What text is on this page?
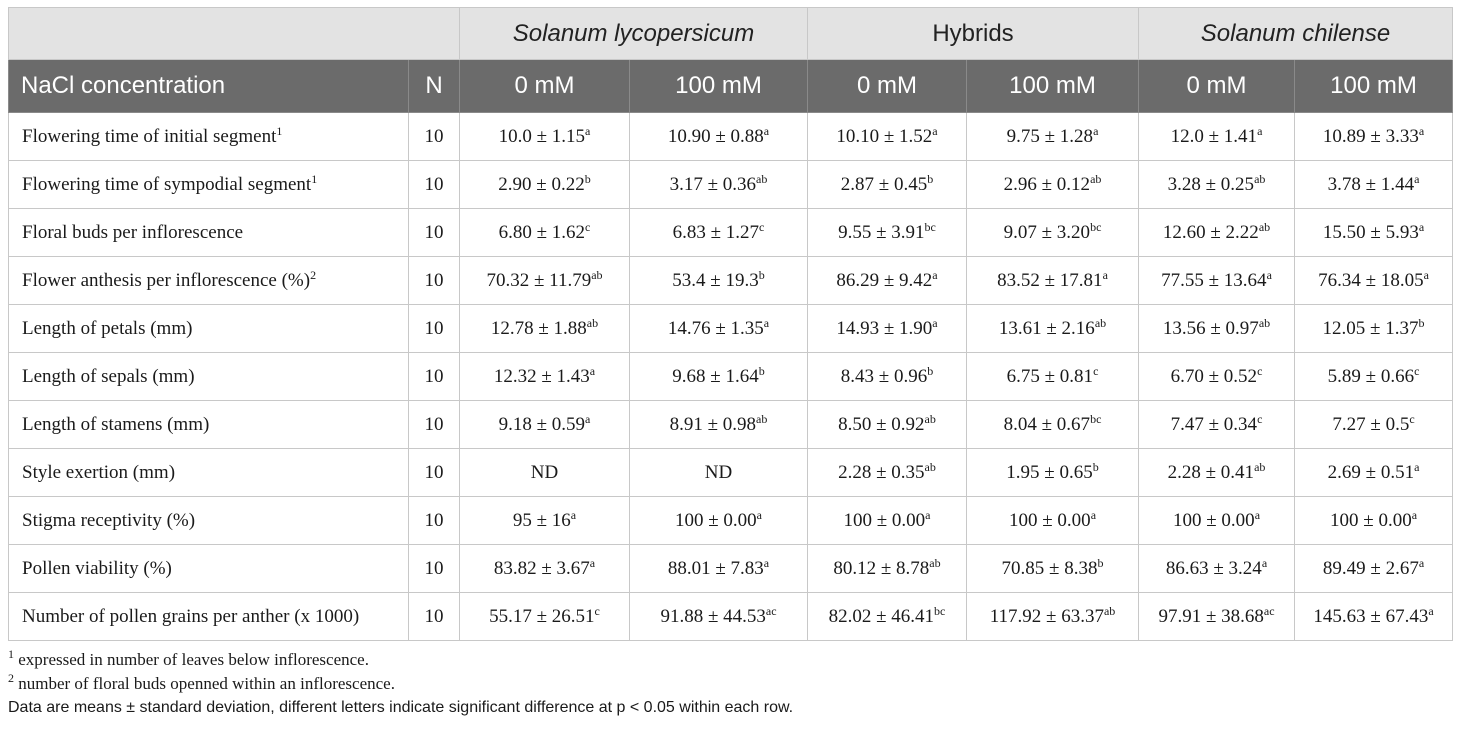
		Solanum lycopersicum		Hybrids		Solanum chilense	
NaCl concentration	N	0 mM	100 mM	0 mM	100 mM	0 mM	100 mM
Flowering time of initial segment$^1$	10	10.0 ± 1.15$^a$	10.90 ± 0.88$^a$	10.10 ± 1.52$^a$	9.75 ± 1.28$^a$	12.0 ± 1.41$^a$	10.89 ± 3.33$^a$
Flowering time of sympodial segment$^1$	10	2.90 ± 0.22$^b$	3.17 ± 0.36$^{ab}$	2.87 ± 0.45$^b$	2.96 ± 0.12$^{ab}$	3.28 ± 0.25$^{ab}$	3.78 ± 1.44$^a$
Floral buds per inflorescence	10	6.80 ± 1.62$^c$	6.83 ± 1.27$^c$	9.55 ± 3.91$^{bc}$	9.07 ± 3.20$^{bc}$	12.60 ± 2.22$^{ab}$	15.50 ± 5.93$^a$
Flower anthesis per inflorescence (%)$^2$	10	70.32 ± 11.79$^{ab}$	53.4 ± 19.3$^b$	86.29 ± 9.42$^a$	83.52 ± 17.81$^a$	77.55 ± 13.64$^a$	76.34 ± 18.05$^a$
Length of petals (mm)	10	12.78 ± 1.88$^{ab}$	14.76 ± 1.35$^a$	14.93 ± 1.90$^a$	13.61 ± 2.16$^{ab}$	13.56 ± 0.97$^{ab}$	12.05 ± 1.37$^b$
Length of sepals (mm)	10	12.32 ± 1.43$^a$	9.68 ± 1.64$^b$	8.43 ± 0.96$^b$	6.75 ± 0.81$^c$	6.70 ± 0.52$^c$	5.89 ± 0.66$^c$
Length of stamens (mm)	10	9.18 ± 0.59$^a$	8.91 ± 0.98$^{ab}$	8.50 ± 0.92$^{ab}$	8.04 ± 0.67$^{bc}$	7.47 ± 0.34$^c$	7.27 ± 0.5$^c$
Style exertion (mm)	10	ND	ND	2.28 ± 0.35$^{ab}$	1.95 ± 0.65$^b$	2.28 ± 0.41$^{ab}$	2.69 ± 0.51$^a$
Stigma receptivity (%)	10	$95 \pm 16^a$	100 ± 0.00$^a$	100 ± 0.00$^a$	100 ± 0.00$^a$	100 ± 0.00$^a$	100 ± 0.00$^a$
Pollen viability (%)	10	83.82 ± 3.67$^a$	88.01 ± 7.83$^a$	80.12 ± 8.78$^{ab}$	70.85 ± 8.38$^b$	86.63 ± 3.24$^a$	89.49 ± 2.67$^a$
Number of pollen grains per anther (x 1000)	10	55.17 ± 26.51$^c$	91.88 ± 44.53$^{ac}$	82.02 ± 46.41$^{bc}$	117.92 ± 63.37$^{ab}$	97.91 ± 38.68$^{ac}$	145.63 ± 67.43$^a$
$^1$ expressed in number of leaves below inflorescence.
$^2$ number of floral buds openned within an inflorescence.
Data are means ± standard deviation, different letters indicate significant difference at p < 0.05 within each row.
